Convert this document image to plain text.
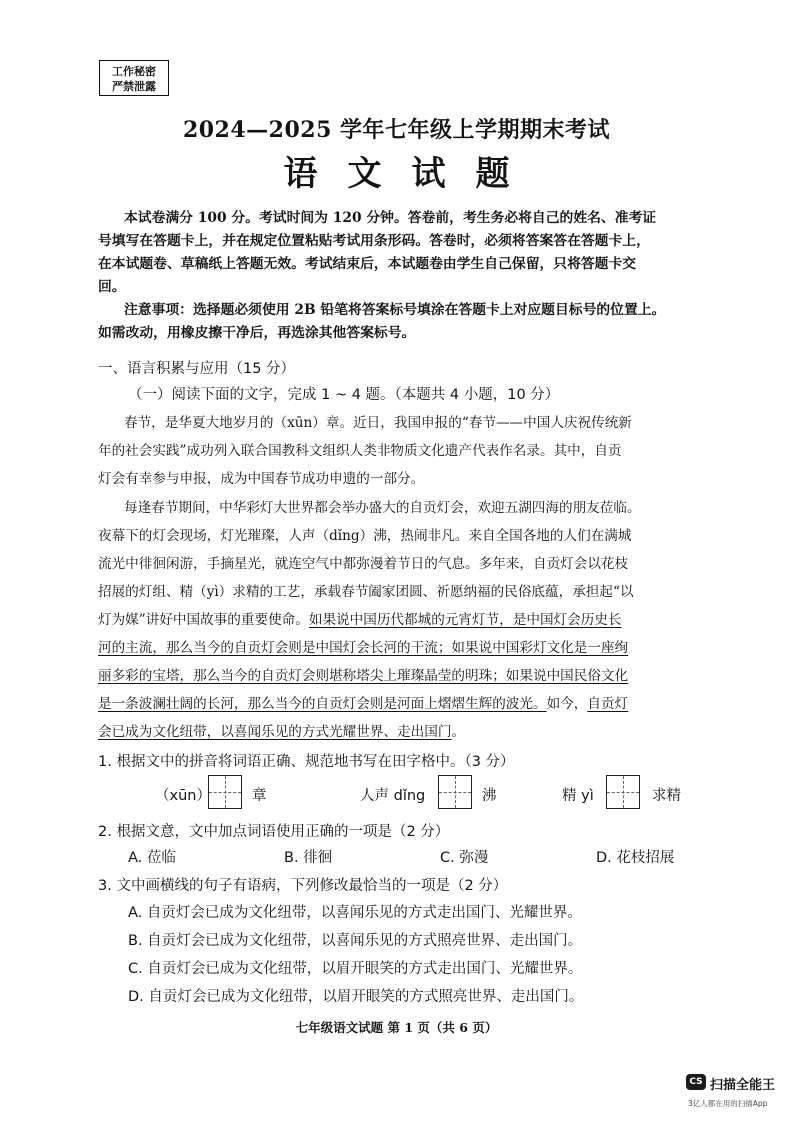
工作秘密
严禁泄露
2024—2025 学年七年级上学期期末考试
语文试题
本试卷满分 100 分。考试时间为 120 分钟。答卷前，考生务必将自己的姓名、准考证
号填写在答题卡上，并在规定位置粘贴考试用条形码。答卷时，必须将答案答在答题卡上，
在本试题卷、草稿纸上答题无效。考试结束后，本试题卷由学生自己保留，只将答题卡交
回。
注意事项：选择题必须使用 2B 铅笔将答案标号填涂在答题卡上对应题目标号的位置上。
如需改动，用橡皮擦干净后，再选涂其他答案标号。
一、语言积累与应用（15 分）
（一）阅读下面的文字，完成 1 ~ 4 题。（本题共 4 小题，10 分）
春节，是华夏大地岁月的（xūn）章。近日，我国申报的“春节——中国人庆祝传统新
年的社会实践”成功列入联合国教科文组织人类非物质文化遗产代表作名录。其中，自贡
灯会有幸参与申报，成为中国春节成功申遗的一部分。
每逢春节期间，中华彩灯大世界都会举办盛大的自贡灯会，欢迎五湖四海的朋友莅临。
夜幕下的灯会现场，灯光璀璨，人声（dǐng）沸，热闹非凡。来自全国各地的人们在满城
流光中徘徊闲游，手摘星光，就连空气中都弥漫着节日的气息。多年来，自贡灯会以花枝
招展的灯组、精（yì）求精的工艺，承载春节阖家团圆、祈愿纳福的民俗底蕴，承担起“以
灯为媒”讲好中国故事的重要使命。如果说中国历代都城的元宵灯节，是中国灯会历史长
河的主流，那么当今的自贡灯会则是中国灯会长河的干流；如果说中国彩灯文化是一座绚
丽多彩的宝塔，那么当今的自贡灯会则堪称塔尖上璀璨晶莹的明珠；如果说中国民俗文化
是一条波澜壮阔的长河，那么当今的自贡灯会则是河面上熠熠生辉的波光。如今，自贡灯
会已成为文化纽带，以喜闻乐见的方式光耀世界、走出国门。
1. 根据文中的拼音将词语正确、规范地书写在田字格中。（3 分）
（xūn）	章	人声 dǐng	沸	精 yì	求精
2. 根据文意，文中加点词语使用正确的一项是（2 分）
A. 莅临	B. 徘徊	C. 弥漫	D. 花枝招展
3. 文中画横线的句子有语病，下列修改最恰当的一项是（2 分）
A. 自贡灯会已成为文化纽带，以喜闻乐见的方式走出国门、光耀世界。
B. 自贡灯会已成为文化纽带，以喜闻乐见的方式照亮世界、走出国门。
C. 自贡灯会已成为文化纽带，以眉开眼笑的方式走出国门、光耀世界。
D. 自贡灯会已成为文化纽带，以眉开眼笑的方式照亮世界、走出国门。
七年级语文试题 第 1 页（共 6 页）
CS 扫描全能王
3亿人都在用的扫描App
